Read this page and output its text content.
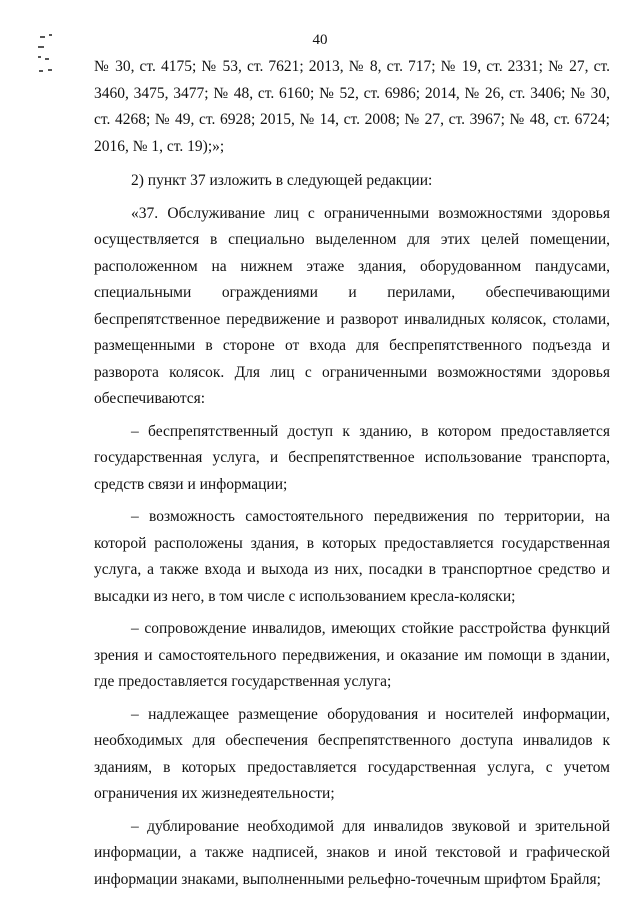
40

№ 30, ст. 4175; № 53, ст. 7621; 2013, № 8, ст. 717; № 19, ст. 2331; № 27, ст. 3460, 3475, 3477; № 48, ст. 6160; № 52, ст. 6986; 2014, № 26, ст. 3406; № 30, ст. 4268; № 49, ст. 6928; 2015, № 14, ст. 2008; № 27, ст. 3967; № 48, ст. 6724; 2016, № 1, ст. 19);»;

2) пункт 37 изложить в следующей редакции:

«37. Обслуживание лиц с ограниченными возможностями здоровья осуществляется в специально выделенном для этих целей помещении, расположенном на нижнем этаже здания, оборудованном пандусами, специальными ограждениями и перилами, обеспечивающими беспрепятственное передвижение и разворот инвалидных колясок, столами, размещенными в стороне от входа для беспрепятственного подъезда и разворота колясок. Для лиц с ограниченными возможностями здоровья обеспечиваются:

– беспрепятственный доступ к зданию, в котором предоставляется государственная услуга, и беспрепятственное использование транспорта, средств связи и информации;

– возможность самостоятельного передвижения по территории, на которой расположены здания, в которых предоставляется государственная услуга, а также входа и выхода из них, посадки в транспортное средство и высадки из него, в том числе с использованием кресла-коляски;

– сопровождение инвалидов, имеющих стойкие расстройства функций зрения и самостоятельного передвижения, и оказание им помощи в здании, где предоставляется государственная услуга;

– надлежащее размещение оборудования и носителей информации, необходимых для обеспечения беспрепятственного доступа инвалидов к зданиям, в которых предоставляется государственная услуга, с учетом ограничения их жизнедеятельности;

– дублирование необходимой для инвалидов звуковой и зрительной информации, а также надписей, знаков и иной текстовой и графической информации знаками, выполненными рельефно-точечным шрифтом Брайля;
